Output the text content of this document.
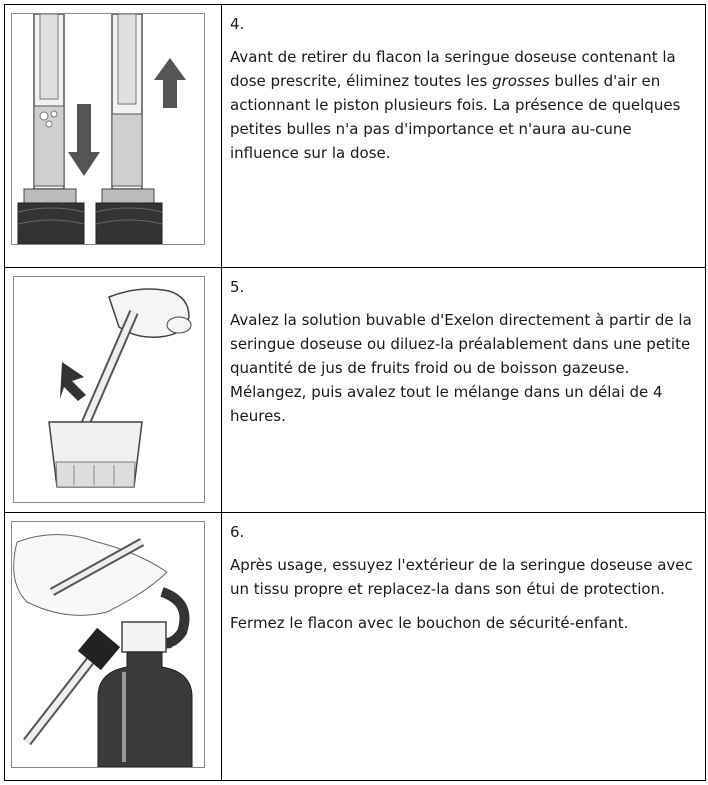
4.

Avant de retirer du flacon la seringue doseuse contenant la dose prescrite, éliminez toutes les grosses bulles d'air en actionnant le piston plusieurs fois. La présence de quelques petites bulles n'a pas d'importance et n'aura au-cune influence sur la dose.

5.

Avalez la solution buvable d'Exelon directement à partir de la seringue doseuse ou diluez-la préalablement dans une petite quantité de jus de fruits froid ou de boisson gazeuse. Mélangez, puis avalez tout le mélange dans un délai de 4 heures.

6.

Après usage, essuyez l'extérieur de la seringue doseuse avec un tissu propre et replacez-la dans son étui de protection.

Fermez le flacon avec le bouchon de sécurité-enfant.
